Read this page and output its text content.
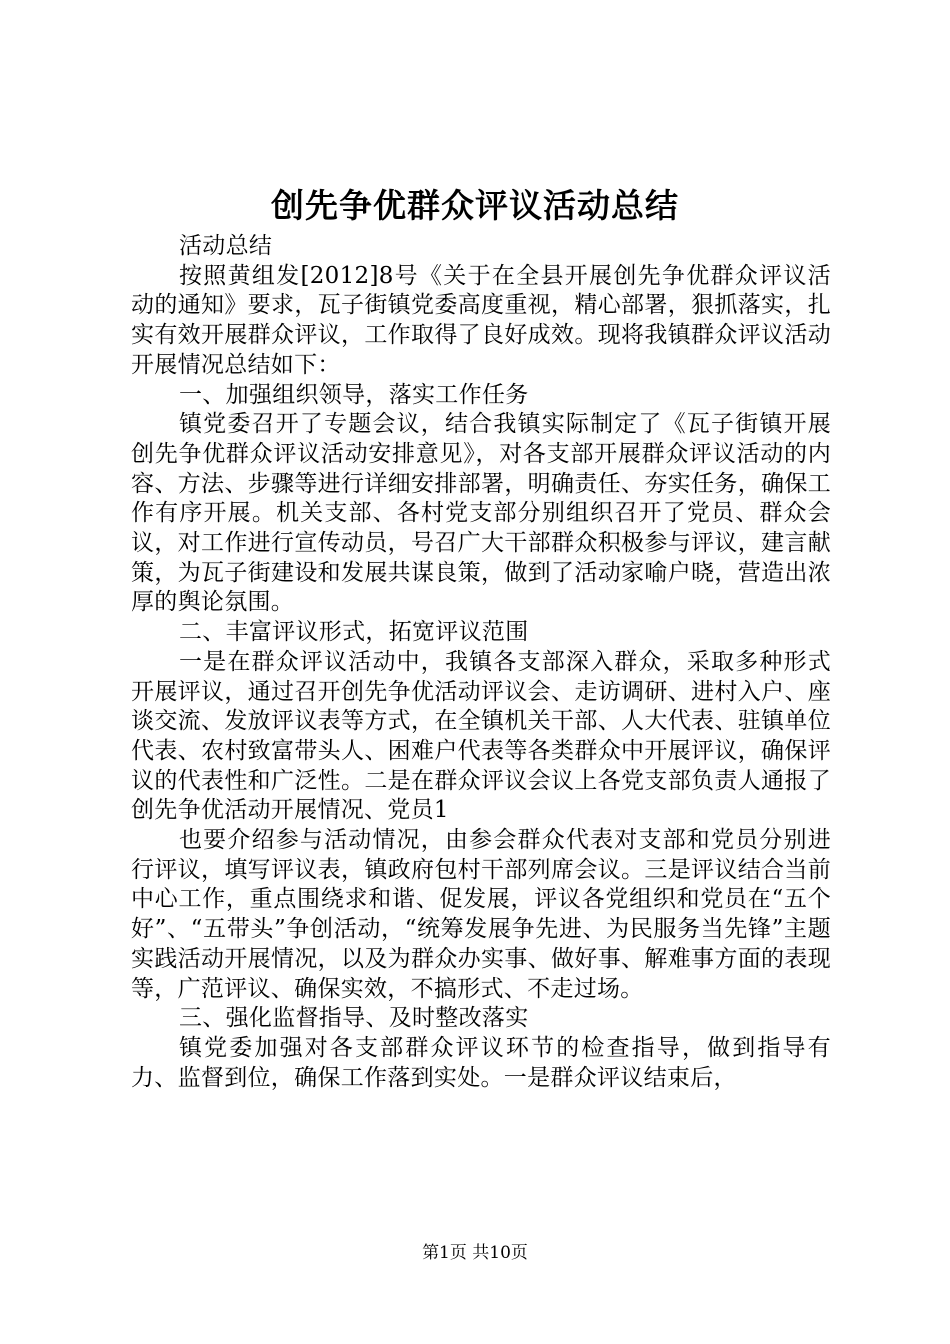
创先争优群众评议活动总结

活动总结

按照黄组发[2012]8号《关于在全县开展创先争优群众评议活动的通知》要求，瓦子街镇党委高度重视，精心部署，狠抓落实，扎实有效开展群众评议，工作取得了良好成效。现将我镇群众评议活动开展情况总结如下：

一、加强组织领导，落实工作任务

镇党委召开了专题会议，结合我镇实际制定了《瓦子街镇开展创先争优群众评议活动安排意见》，对各支部开展群众评议活动的内容、方法、步骤等进行详细安排部署，明确责任、夯实任务，确保工作有序开展。机关支部、各村党支部分别组织召开了党员、群众会议，对工作进行宣传动员，号召广大干部群众积极参与评议，建言献策，为瓦子街建设和发展共谋良策，做到了活动家喻户晓，营造出浓厚的舆论氛围。

二、丰富评议形式，拓宽评议范围

一是在群众评议活动中，我镇各支部深入群众，采取多种形式开展评议，通过召开创先争优活动评议会、走访调研、进村入户、座谈交流、发放评议表等方式，在全镇机关干部、人大代表、驻镇单位代表、农村致富带头人、困难户代表等各类群众中开展评议，确保评议的代表性和广泛性。二是在群众评议会议上各党支部负责人通报了创先争优活动开展情况、党员1

也要介绍参与活动情况，由参会群众代表对支部和党员分别进行评议，填写评议表，镇政府包村干部列席会议。三是评议结合当前中心工作，重点围绕求和谐、促发展，评议各党组织和党员在“五个好”、“五带头”争创活动，“统筹发展争先进、为民服务当先锋”主题实践活动开展情况，以及为群众办实事、做好事、解难事方面的表现等，广范评议、确保实效，不搞形式、不走过场。

三、强化监督指导、及时整改落实

镇党委加强对各支部群众评议环节的检查指导，做到指导有力、监督到位，确保工作落到实处。一是群众评议结束后，

第1页 共10页
